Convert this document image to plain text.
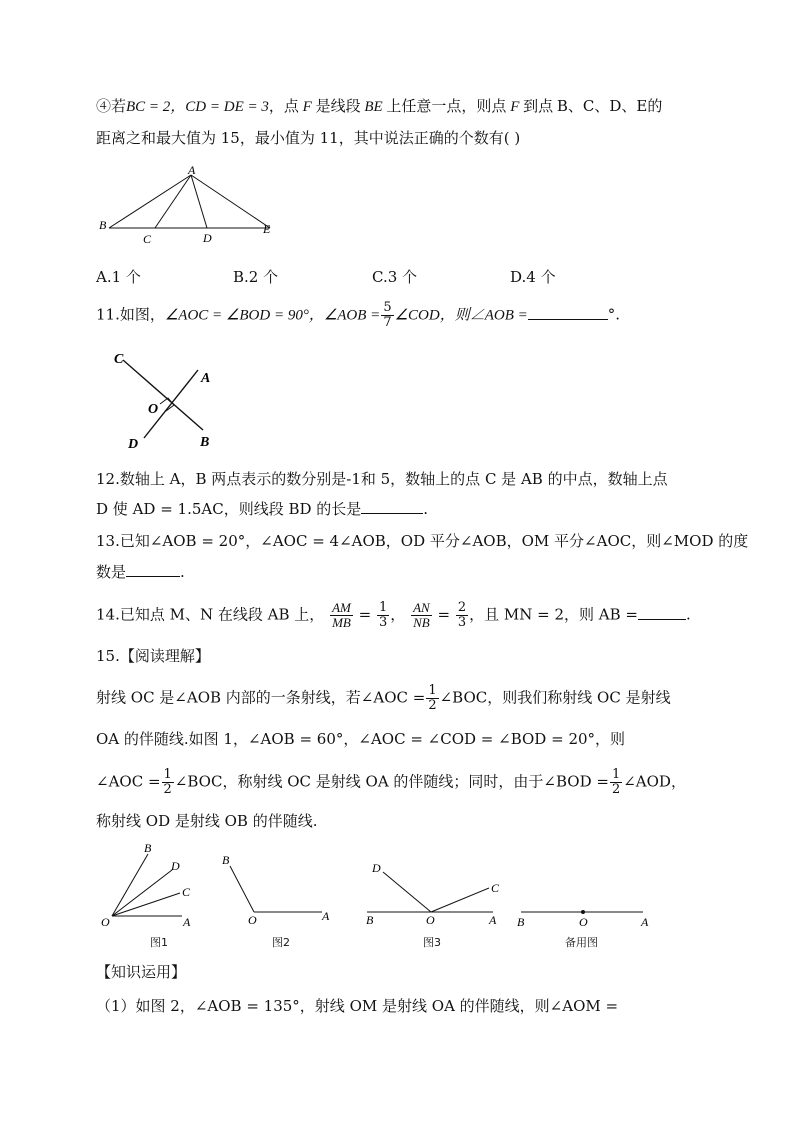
④若BC = 2，CD = DE = 3，点 F 是线段 BE 上任意一点，则点 F 到点 B、C、D、E的
距离之和最大值为 15，最小值为 11，其中说法正确的个数有( )
A
B
C	D
E
A.1 个	B.2 个	C.3 个	D.4 个
11.如图，∠AOC = ∠BOD = 90°，∠AOB = $\frac{5}{7}$ ∠COD，则∠AOB =	°.
C
A
O
D	B
12.数轴上 A，B 两点表示的数分别是-1和 5，数轴上的点 C 是 AB 的中点，数轴上点
D 使 AD = 1.5AC，则线段 BD 的长是	.
13.已知∠AOB = 20°，∠AOC = 4∠AOB，OD 平分∠AOB，OM 平分∠AOC，则∠MOD 的度
数是	.
14.已知点 M、N 在线段 AB 上， $\frac{AM}{MB} = \frac{1}{3}$ ， $\frac{AN}{NB} = \frac{2}{3}$ ，且 MN = 2，则 AB =	.
15.【阅读理解】
射线 OC 是∠AOB 内部的一条射线，若∠AOC = $\frac{1}{2}$ ∠BOC，则我们称射线 OC 是射线
OA 的伴随线.如图 1，∠AOB = 60°，∠AOC = ∠COD = ∠BOD = 20°，则
∠AOC = $\frac{1}{2}$ ∠BOC，称射线 OC 是射线 OA 的伴随线；同时，由于∠BOD = $\frac{1}{2}$ ∠AOD，
称射线 OD 是射线 OB 的伴随线.
B
D
C
O	A
图1
B
O	A
图2
D
C
B	O	A
图3
B	O	A
备用图
【知识运用】
（1）如图 2，∠AOB = 135°，射线 OM 是射线 OA 的伴随线，则∠AOM =
